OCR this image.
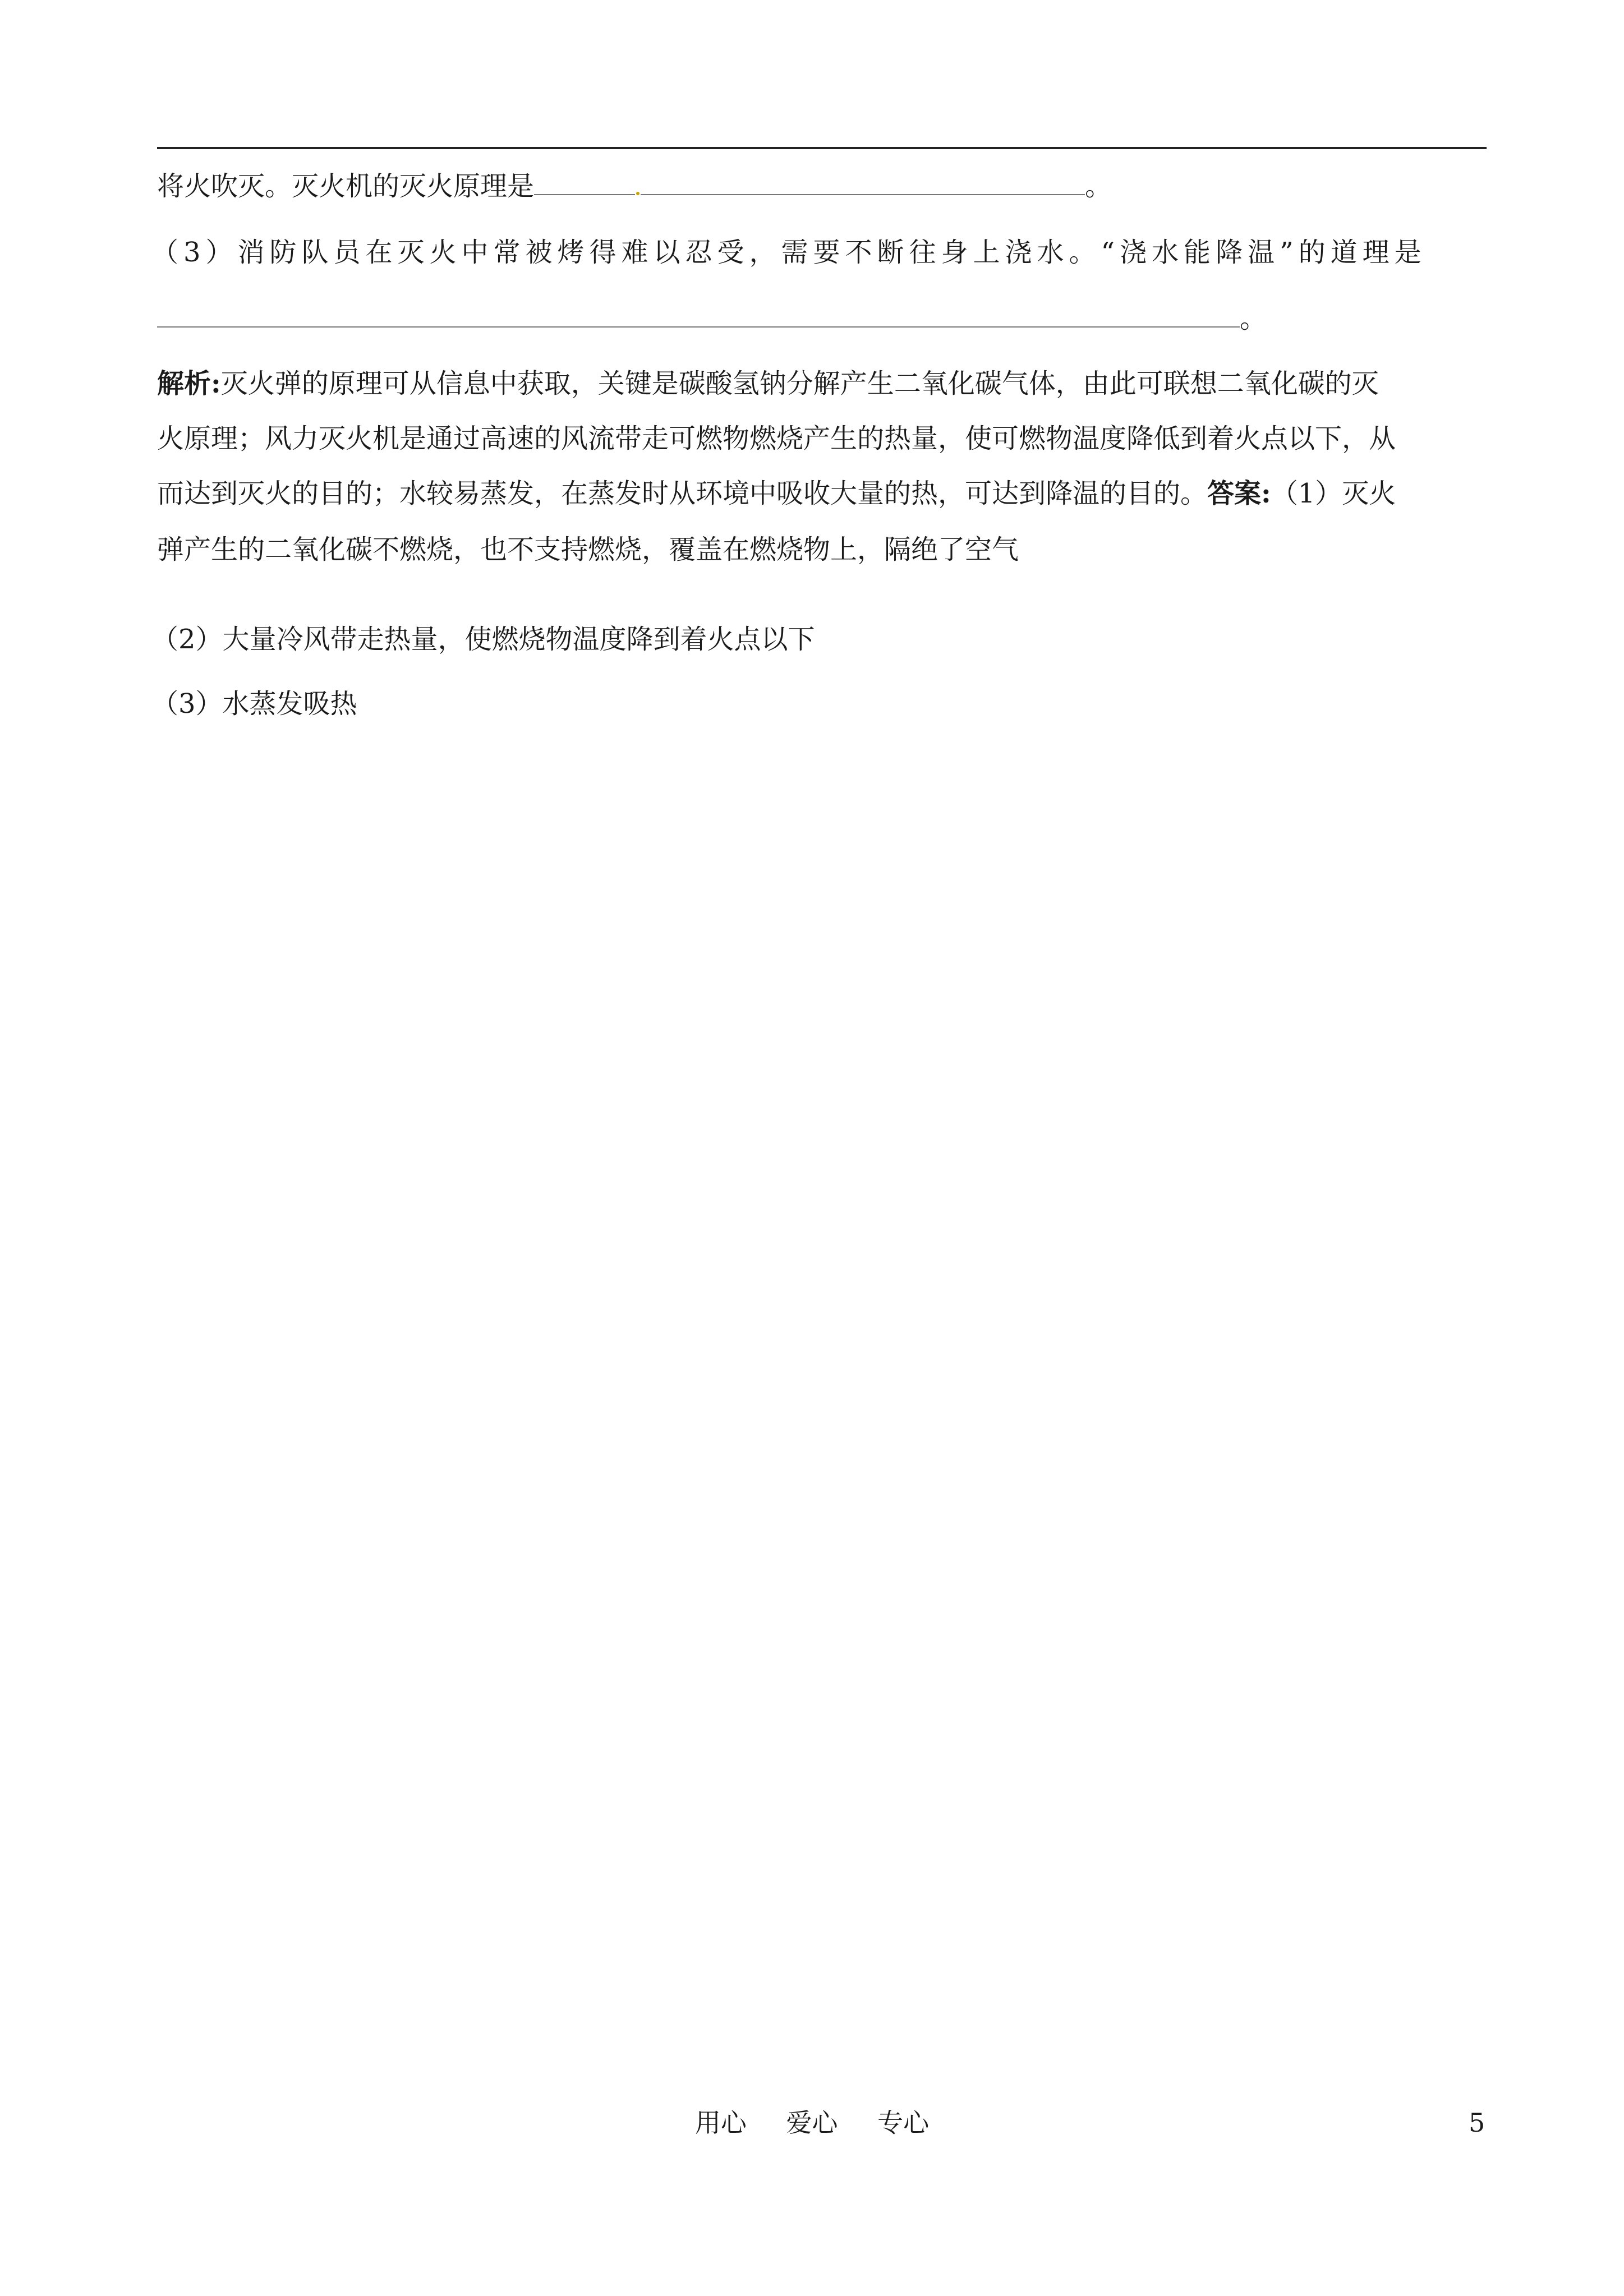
将火吹灭。灭火机的灭火原理是	。
（3）消防队员在灭火中常被烤得难以忍受，需要不断往身上浇水。“浇水能降温”的道理是
。
解析:灭火弹的原理可从信息中获取，关键是碳酸氢钠分解产生二氧化碳气体，由此可联想二氧化碳的灭
火原理；风力灭火机是通过高速的风流带走可燃物燃烧产生的热量，使可燃物温度降低到着火点以下，从
而达到灭火的目的；水较易蒸发，在蒸发时从环境中吸收大量的热，可达到降温的目的。答案:（1）灭火
弹产生的二氧化碳不燃烧，也不支持燃烧，覆盖在燃烧物上，隔绝了空气
（2）大量冷风带走热量，使燃烧物温度降到着火点以下
（3）水蒸发吸热
用心 爱心 专心	5
